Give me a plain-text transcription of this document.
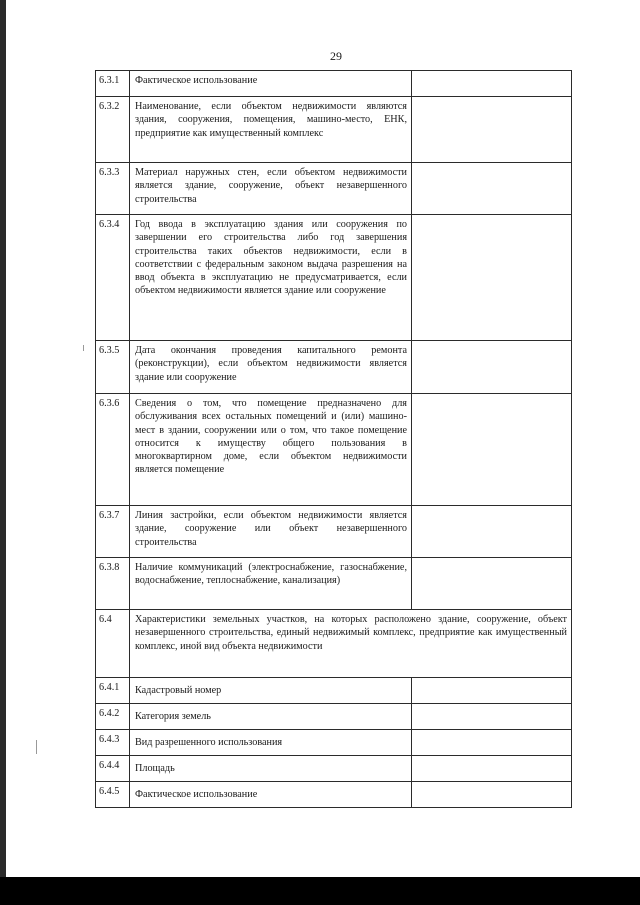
29
6.3.1	Фактическое использование	
6.3.2	Наименование, если объектом недвижимости являются здания, сооружения, помещения, машино-место, ЕНК, предприятие как имущественный комплекс	
6.3.3	Материал наружных стен, если объектом недвижимости является здание, сооружение, объект незавершенного строительства	
6.3.4	Год ввода в эксплуатацию здания или сооружения по завершении его строительства либо год завершения строительства таких объектов недвижимости, если в соответствии с федеральным законом выдача разрешения на ввод объекта в эксплуатацию не предусматривается, если объектом недвижимости является здание или сооружение	
6.3.5	Дата окончания проведения капитального ремонта (реконструкции), если объектом недвижимости является здание или сооружение	
6.3.6	Сведения о том, что помещение предназначено для обслуживания всех остальных помещений и (или) машино-мест в здании, сооружении или о том, что такое помещение относится к имуществу общего пользования в многоквартирном доме, если объектом недвижимости является помещение	
6.3.7	Линия застройки, если объектом недвижимости является здание, сооружение или объект незавершенного строительства	
6.3.8	Наличие коммуникаций (электроснабжение, газоснабжение, водоснабжение, теплоснабжение, канализация)	
6.4	Характеристики земельных участков, на которых расположено здание, сооружение, объект незавершенного строительства, единый недвижимый комплекс, предприятие как имущественный комплекс, иной вид объекта недвижимости	
6.4.1	Кадастровый номер	
6.4.2	Категория земель	
6.4.3	Вид разрешенного использования	
6.4.4	Площадь	
6.4.5	Фактическое использование	
